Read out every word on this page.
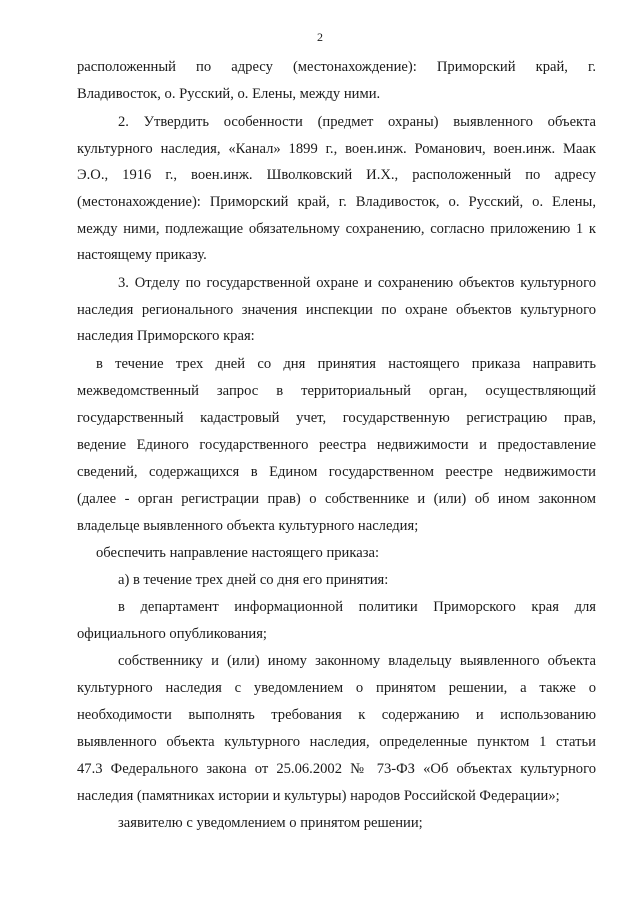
2
расположенный по адресу (местонахождение): Приморский край, г.
Владивосток, о. Русский, о. Елены, между ними.
2. Утвердить особенности (предмет охраны) выявленного объекта
культурного наследия, «Канал» 1899 г., воен.инж. Романович, воен.инж. Маак
Э.О., 1916 г., воен.инж. Шволковский И.Х., расположенный по адресу
(местонахождение): Приморский край, г. Владивосток, о. Русский, о. Елены,
между ними, подлежащие обязательному сохранению, согласно приложению 1 к
настоящему приказу.
3. Отделу по государственной охране и сохранению объектов культурного
наследия регионального значения инспекции по охране объектов культурного
наследия Приморского края:
в течение трех дней со дня принятия настоящего приказа направить
межведомственный запрос в территориальный орган, осуществляющий
государственный кадастровый учет, государственную регистрацию прав,
ведение Единого государственного реестра недвижимости и предоставление
сведений, содержащихся в Едином государственном реестре недвижимости
(далее - орган регистрации прав) о собственнике и (или) об ином законном
владельце выявленного объекта культурного наследия;
обеспечить направление настоящего приказа:
а) в течение трех дней со дня его принятия:
в департамент информационной политики Приморского края для
официального опубликования;
собственнику и (или) иному законному владельцу выявленного объекта
культурного наследия с уведомлением о принятом решении, а также о
необходимости выполнять требования к содержанию и использованию
выявленного объекта культурного наследия, определенные пунктом 1 статьи
47.3 Федерального закона от 25.06.2002 № 73-ФЗ «Об объектах культурного
наследия (памятниках истории и культуры) народов Российской Федерации»;
заявителю с уведомлением о принятом решении;
